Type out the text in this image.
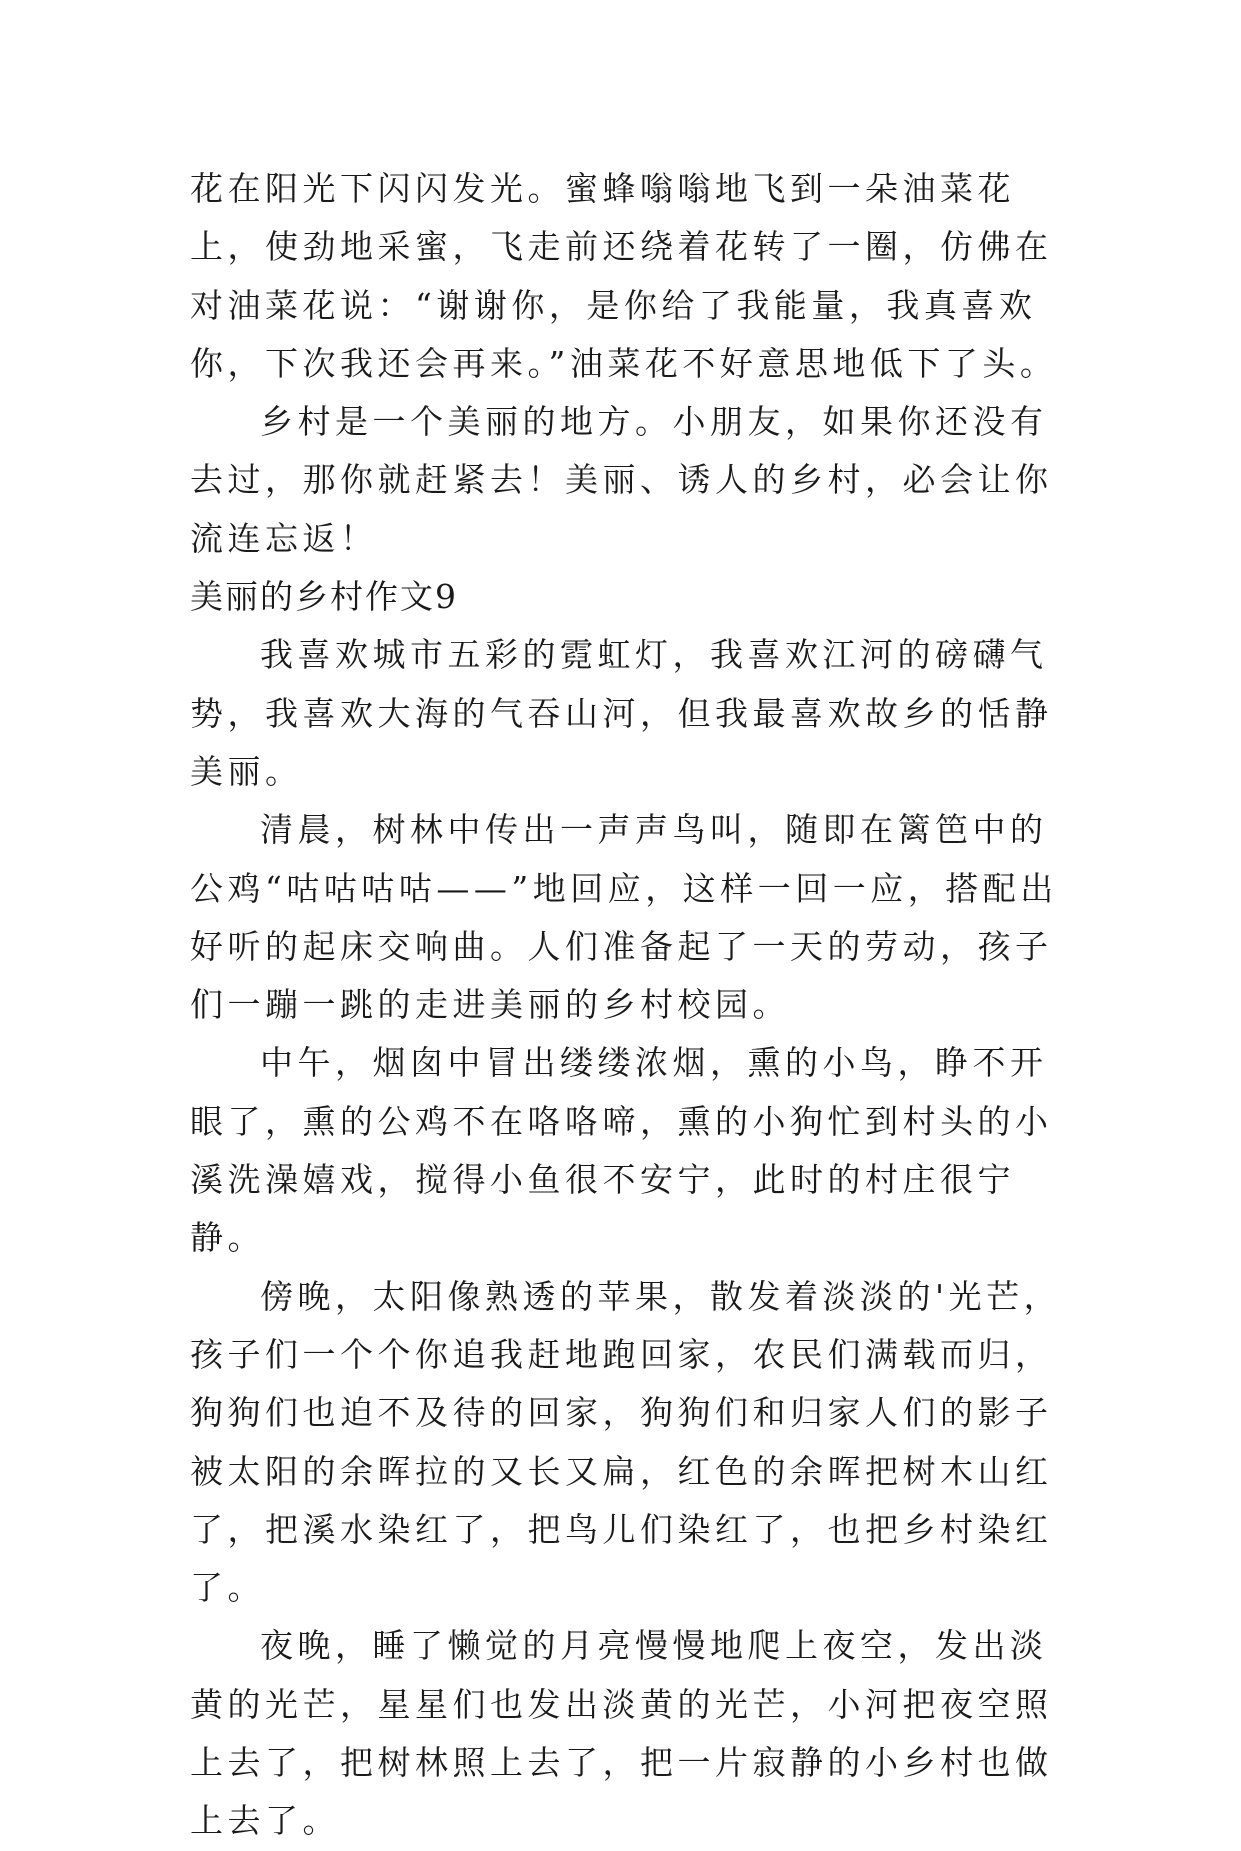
花在阳光下闪闪发光。蜜蜂嗡嗡地飞到一朵油菜花上，使劲地采蜜，飞走前还绕着花转了一圈，仿佛在对油菜花说：“谢谢你，是你给了我能量，我真喜欢你，下次我还会再来。”油菜花不好意思地低下了头。

乡村是一个美丽的地方。小朋友，如果你还没有去过，那你就赶紧去！美丽、诱人的乡村，必会让你流连忘返！

美丽的乡村作文9

我喜欢城市五彩的霓虹灯，我喜欢江河的磅礴气势，我喜欢大海的气吞山河，但我最喜欢故乡的恬静美丽。

清晨，树林中传出一声声鸟叫，随即在篱笆中的公鸡“咕咕咕咕——”地回应，这样一回一应，搭配出好听的起床交响曲。人们准备起了一天的劳动，孩子们一蹦一跳的走进美丽的乡村校园。

中午，烟囱中冒出缕缕浓烟，熏的小鸟，睁不开眼了，熏的公鸡不在咯咯啼，熏的小狗忙到村头的小溪洗澡嬉戏，搅得小鱼很不安宁，此时的村庄很宁静。

傍晚，太阳像熟透的苹果，散发着淡淡的'光芒，孩子们一个个你追我赶地跑回家，农民们满载而归，狗狗们也迫不及待的回家，狗狗们和归家人们的影子被太阳的余晖拉的又长又扁，红色的余晖把树木山红了，把溪水染红了，把鸟儿们染红了，也把乡村染红了。

夜晚，睡了懒觉的月亮慢慢地爬上夜空，发出淡黄的光芒，星星们也发出淡黄的光芒，小河把夜空照上去了，把树林照上去了，把一片寂静的小乡村也做上去了。
